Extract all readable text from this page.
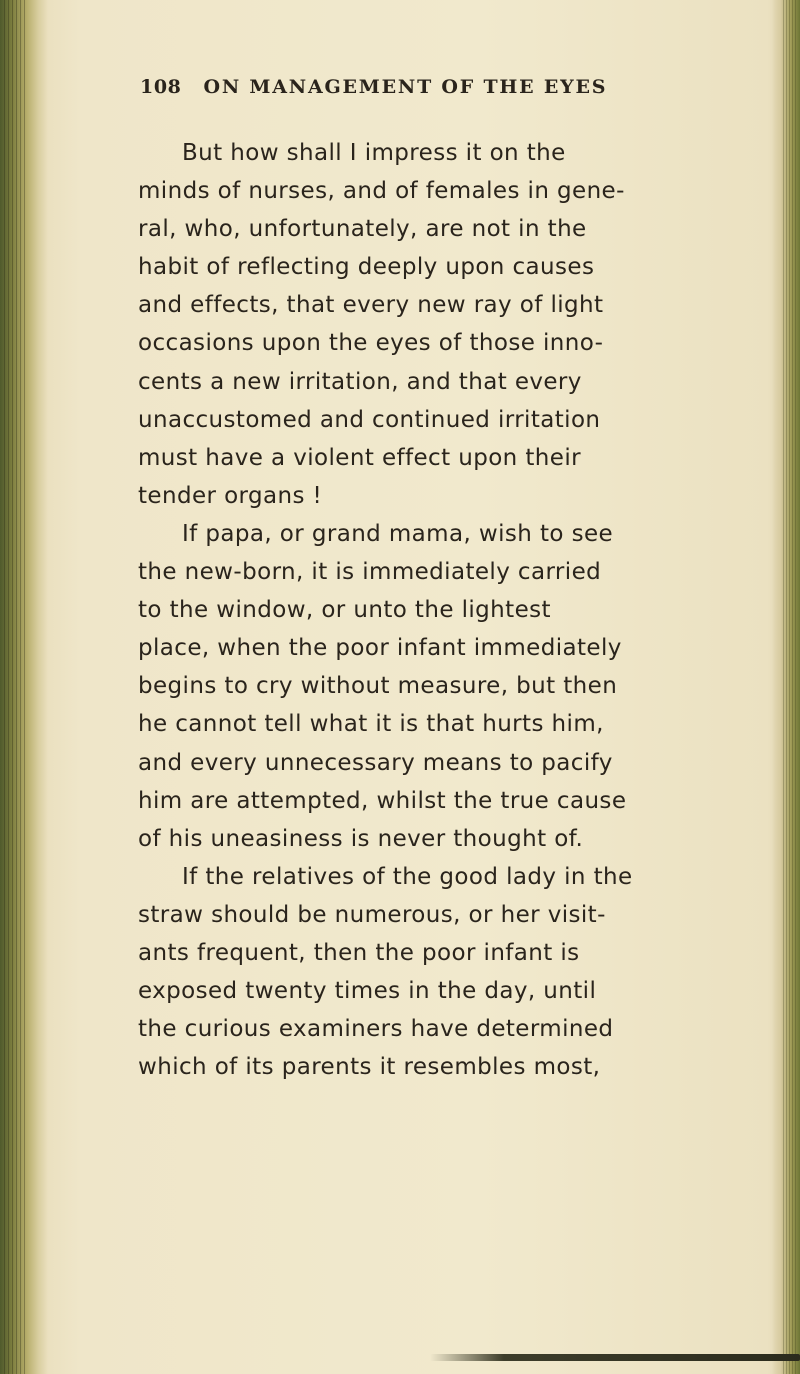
108 ON MANAGEMENT OF THE EYES
But how shall I impress it on the
minds of nurses, and of females in gene-
ral, who, unfortunately, are not in the
habit of reflecting deeply upon causes
and effects, that every new ray of light
occasions upon the eyes of those inno-
cents a new irritation, and that every
unaccustomed and continued irritation
must have a violent effect upon their
tender organs !
If papa, or grand mama, wish to see
the new-born, it is immediately carried
to the window, or unto the lightest
place, when the poor infant immediately
begins to cry without measure, but then
he cannot tell what it is that hurts him,
and every unnecessary means to pacify
him are attempted, whilst the true cause
of his uneasiness is never thought of.
If the relatives of the good lady in the
straw should be numerous, or her visit-
ants frequent, then the poor infant is
exposed twenty times in the day, until
the curious examiners have determined
which of its parents it resembles most,
